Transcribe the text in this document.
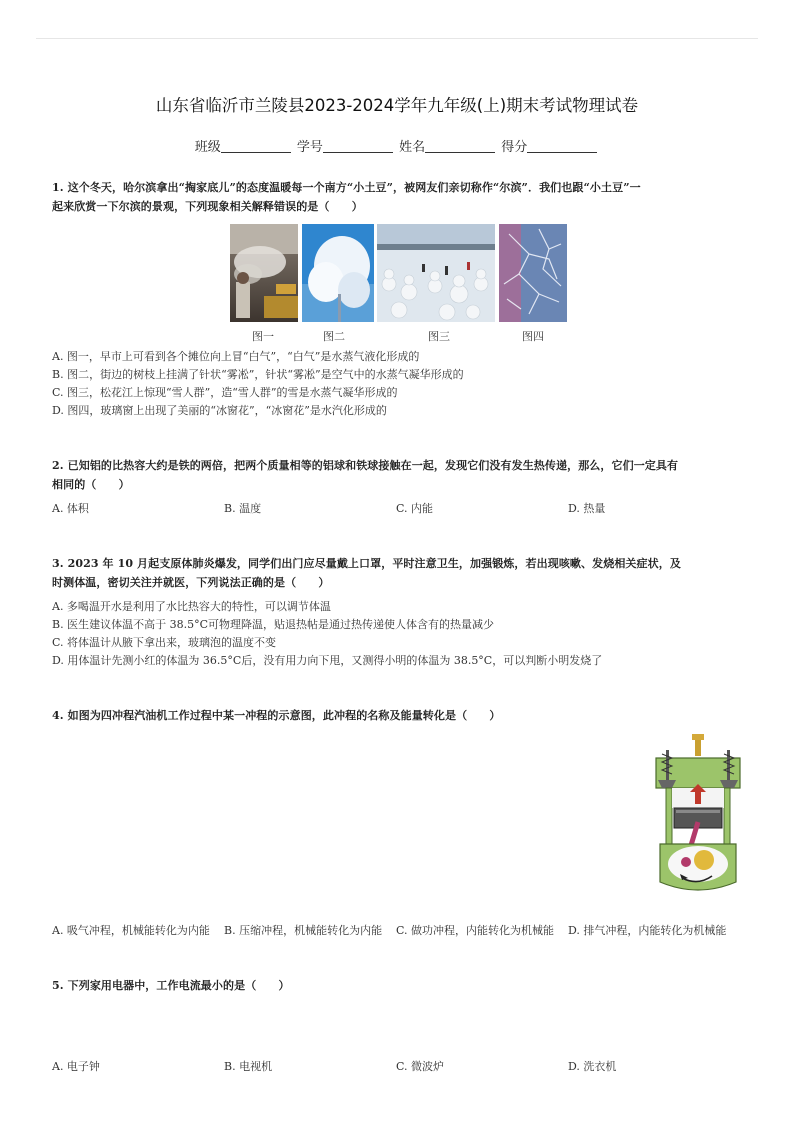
山东省临沂市兰陵县2023-2024学年九年级(上)期末考试物理试卷
班级	学号	姓名	得分
1. 这个冬天，哈尔滨拿出“掏家底儿”的态度温暖每一个南方“小土豆”，被网友们亲切称作“尔滨”．我们也跟“小土豆”一
起来欣赏一下尔滨的景观，下列现象相关解释错误的是（　　）
图一	图二	图三	图四
A. 图一，早市上可看到各个摊位向上冒“白气”，“白气”是水蒸气液化形成的
B. 图二，街边的树枝上挂满了针状“雾凇”，针状“雾凇”是空气中的水蒸气凝华形成的
C. 图三，松花江上惊现“雪人群”，造“雪人群”的雪是水蒸气凝华形成的
D. 图四，玻璃窗上出现了美丽的“冰窗花”，“冰窗花”是水汽化形成的
2. 已知铝的比热容大约是铁的两倍，把两个质量相等的铝球和铁球接触在一起，发现它们没有发生热传递，那么，它们一定具有
相同的（　　）
A. 体积	B. 温度	C. 内能	D. 热量
3. 2023 年 10 月起支原体肺炎爆发，同学们出门应尽量戴上口罩，平时注意卫生，加强锻炼，若出现咳嗽、发烧相关症状，及
时测体温，密切关注并就医，下列说法正确的是（　　）
A. 多喝温开水是利用了水比热容大的特性，可以调节体温
B. 医生建议体温不高于 38.5°C可物理降温，贴退热帖是通过热传递使人体含有的热量减少
C. 将体温计从腋下拿出来，玻璃泡的温度不变
D. 用体温计先测小红的体温为 36.5°C后，没有用力向下甩，又测得小明的体温为 38.5°C，可以判断小明发烧了
4. 如图为四冲程汽油机工作过程中某一冲程的示意图，此冲程的名称及能量转化是（　　）
A. 吸气冲程，机械能转化为内能	B. 压缩冲程，机械能转化为内能	C. 做功冲程，内能转化为机械能	D. 排气冲程，内能转化为机械能
5. 下列家用电器中，工作电流最小的是（　　）
A. 电子钟	B. 电视机	C. 微波炉	D. 洗衣机
